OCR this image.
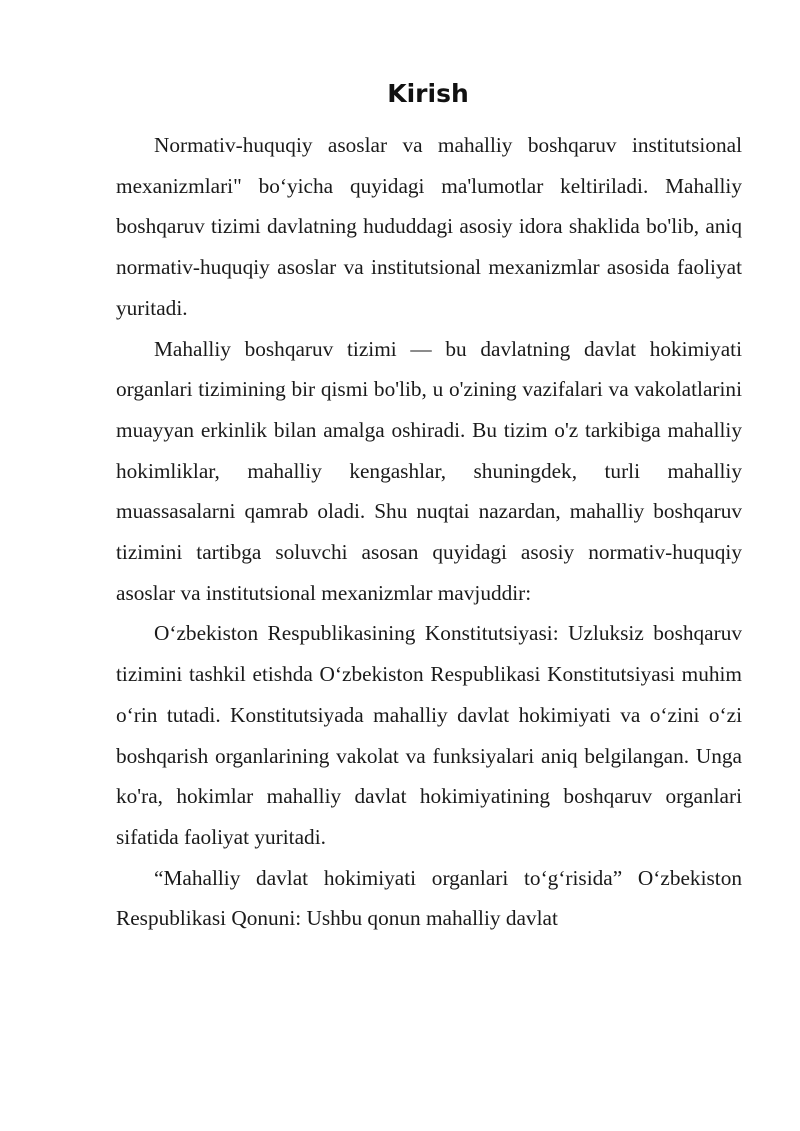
Kirish

Normativ-huquqiy asoslar va mahalliy boshqaruv institutsional mexanizmlari" bo‘yicha quyidagi ma'lumotlar keltiriladi. Mahalliy boshqaruv tizimi davlatning hududdagi asosiy idora shaklida bo'lib, aniq normativ-huquqiy asoslar va institutsional mexanizmlar asosida faoliyat yuritadi.

Mahalliy boshqaruv tizimi — bu davlatning davlat hokimiyati organlari tizimining bir qismi bo'lib, u o'zining vazifalari va vakolatlarini muayyan erkinlik bilan amalga oshiradi. Bu tizim o'z tarkibiga mahalliy hokimliklar, mahalliy kengashlar, shuningdek, turli mahalliy muassasalarni qamrab oladi. Shu nuqtai nazardan, mahalliy boshqaruv tizimini tartibga soluvchi asosan quyidagi asosiy normativ-huquqiy asoslar va institutsional mexanizmlar mavjuddir:

O‘zbekiston Respublikasining Konstitutsiyasi: Uzluksiz boshqaruv tizimini tashkil etishda O‘zbekiston Respublikasi Konstitutsiyasi muhim o‘rin tutadi. Konstitutsiyada mahalliy davlat hokimiyati va o‘zini o‘zi boshqarish organlarining vakolat va funksiyalari aniq belgilangan. Unga ko'ra, hokimlar mahalliy davlat hokimiyatining boshqaruv organlari sifatida faoliyat yuritadi.

“Mahalliy davlat hokimiyati organlari to‘g‘risida” O‘zbekiston Respublikasi Qonuni: Ushbu qonun mahalliy davlat
